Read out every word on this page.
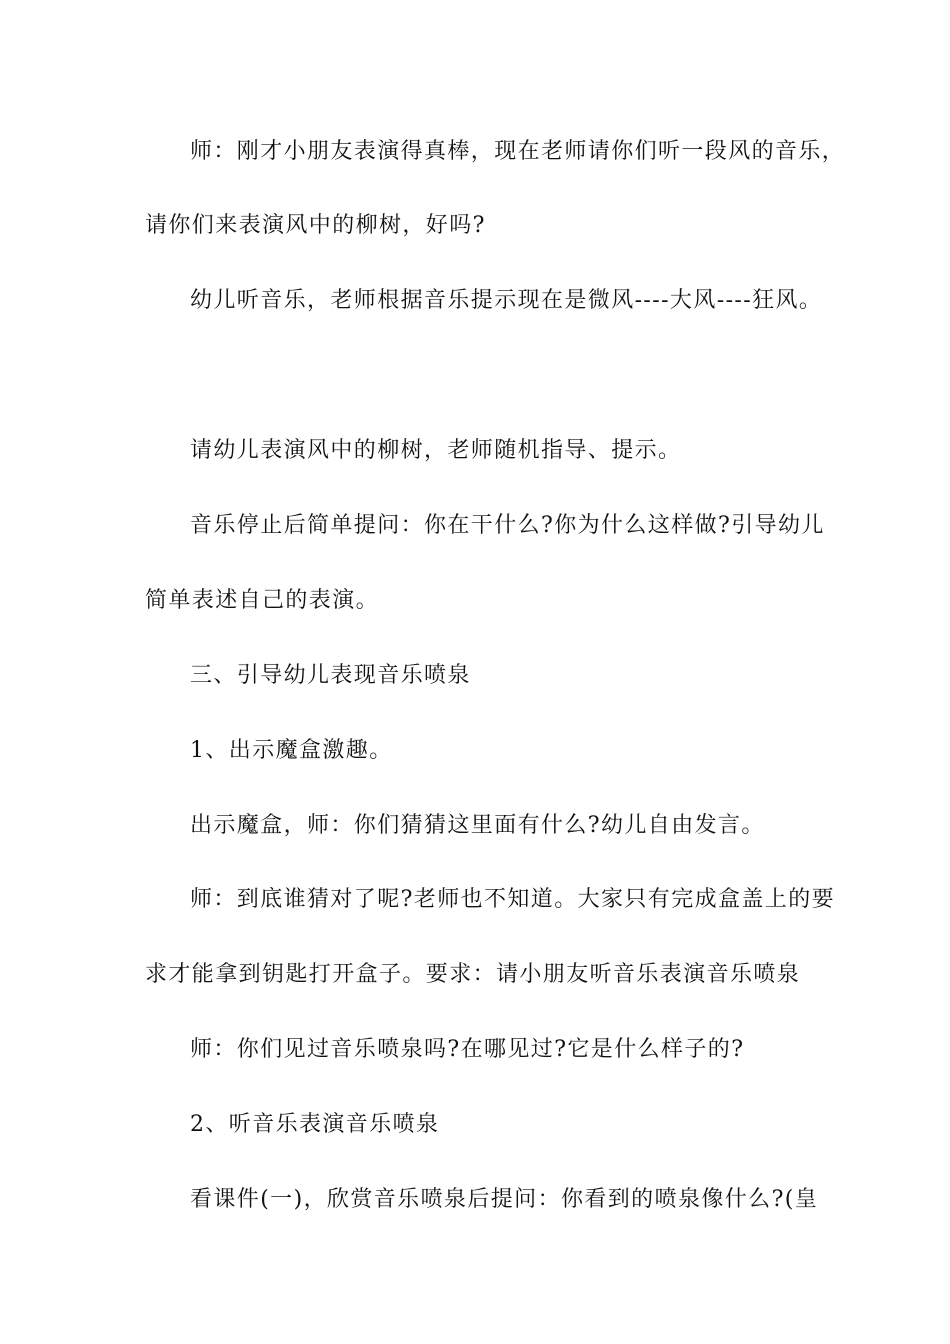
师：刚才小朋友表演得真棒，现在老师请你们听一段风的音乐，
请你们来表演风中的柳树，好吗?
幼儿听音乐，老师根据音乐提示现在是微风----大风----狂风。
请幼儿表演风中的柳树，老师随机指导、提示。
音乐停止后简单提问：你在干什么?你为什么这样做?引导幼儿
简单表述自己的表演。
三、引导幼儿表现音乐喷泉
1、出示魔盒激趣。
出示魔盒，师：你们猜猜这里面有什么?幼儿自由发言。
师：到底谁猜对了呢?老师也不知道。大家只有完成盒盖上的要
求才能拿到钥匙打开盒子。要求：请小朋友听音乐表演音乐喷泉
师：你们见过音乐喷泉吗?在哪见过?它是什么样子的?
2、听音乐表演音乐喷泉
看课件(一)，欣赏音乐喷泉后提问：你看到的喷泉像什么?(皇
